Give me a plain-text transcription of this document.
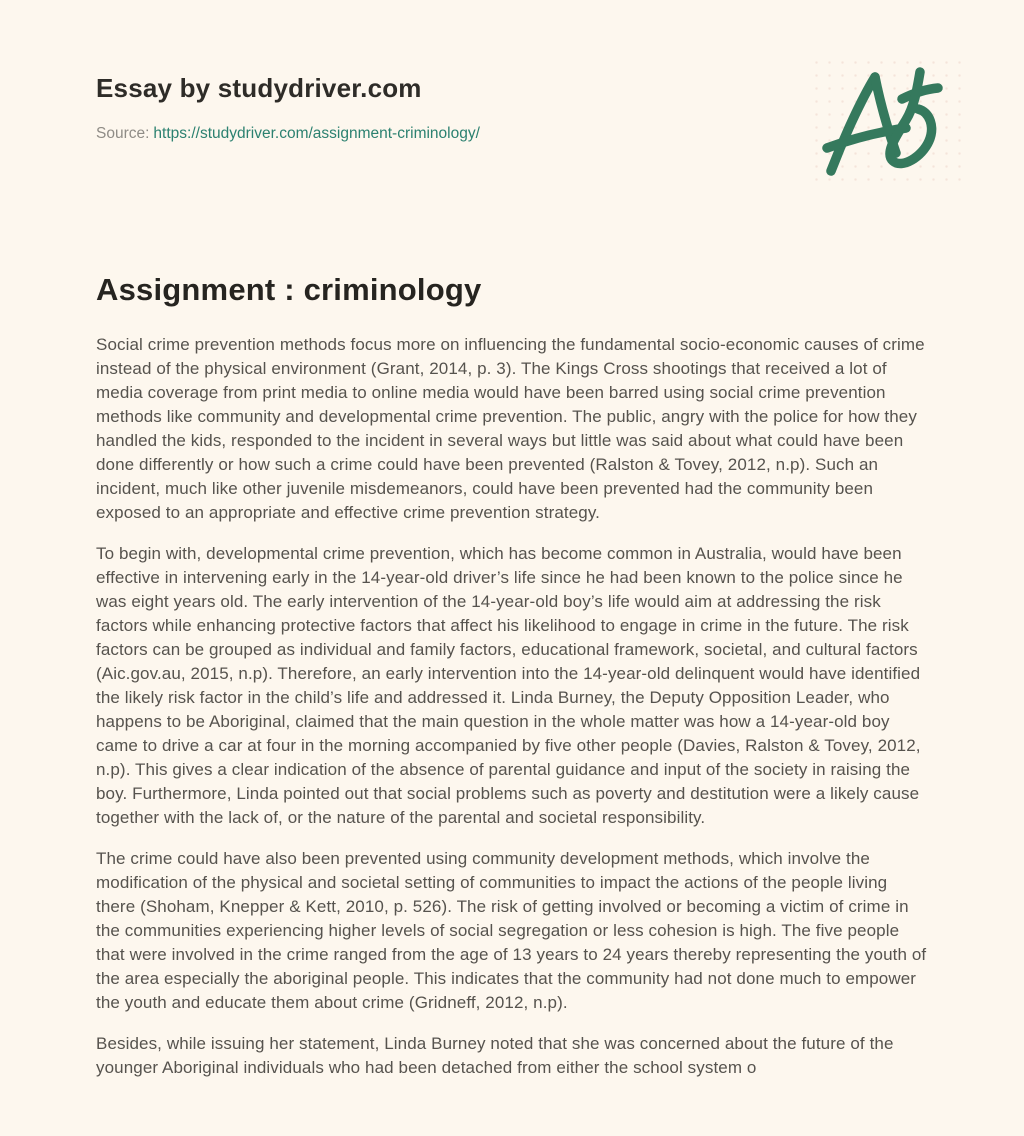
Essay by studydriver.com
Source: https://studydriver.com/assignment-criminology/
Assignment : criminology

Social crime prevention methods focus more on influencing the fundamental socio-economic causes of crime instead of the physical environment (Grant, 2014, p. 3). The Kings Cross shootings that received a lot of media coverage from print media to online media would have been barred using social crime prevention methods like community and developmental crime prevention. The public, angry with the police for how they handled the kids, responded to the incident in several ways but little was said about what could have been done differently or how such a crime could have been prevented (Ralston & Tovey, 2012, n.p). Such an incident, much like other juvenile misdemeanors, could have been prevented had the community been exposed to an appropriate and effective crime prevention strategy.

To begin with, developmental crime prevention, which has become common in Australia, would have been effective in intervening early in the 14-year-old driver’s life since he had been known to the police since he was eight years old. The early intervention of the 14-year-old boy’s life would aim at addressing the risk factors while enhancing protective factors that affect his likelihood to engage in crime in the future. The risk factors can be grouped as individual and family factors, educational framework, societal, and cultural factors (Aic.gov.au, 2015, n.p). Therefore, an early intervention into the 14-year-old delinquent would have identified the likely risk factor in the child’s life and addressed it. Linda Burney, the Deputy Opposition Leader, who happens to be Aboriginal, claimed that the main question in the whole matter was how a 14-year-old boy came to drive a car at four in the morning accompanied by five other people (Davies, Ralston & Tovey, 2012, n.p). This gives a clear indication of the absence of parental guidance and input of the society in raising the boy. Furthermore, Linda pointed out that social problems such as poverty and destitution were a likely cause together with the lack of, or the nature of the parental and societal responsibility.

The crime could have also been prevented using community development methods, which involve the modification of the physical and societal setting of communities to impact the actions of the people living there (Shoham, Knepper & Kett, 2010, p. 526). The risk of getting involved or becoming a victim of crime in the communities experiencing higher levels of social segregation or less cohesion is high. The five people that were involved in the crime ranged from the age of 13 years to 24 years thereby representing the youth of the area especially the aboriginal people. This indicates that the community had not done much to empower the youth and educate them about crime (Gridneff, 2012, n.p).

Besides, while issuing her statement, Linda Burney noted that she was concerned about the future of the younger Aboriginal individuals who had been detached from either the school system o
